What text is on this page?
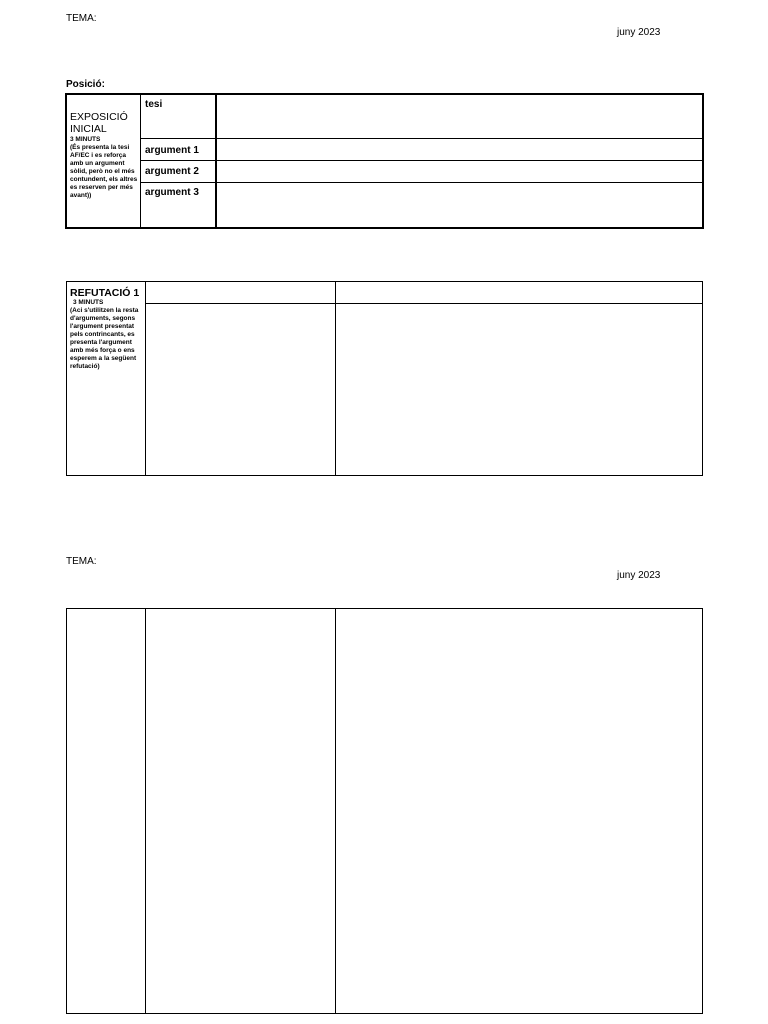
TEMA:
juny 2023
Posició:
EXPOSICIÓ
INICIAL
3 MINUTS
(És presenta la tesi AF/EC i es reforça amb un argument sòlid, però no el més contundent, els altres es reserven per més avant))
tesi
argument 1
argument 2
argument 3
REFUTACIÓ 1
3 MINUTS
(Aci s'utilitzen la resta d'arguments, segons l'argument presentat pels contrincants, es presenta l'argument amb més força o ens esperem a la següent refutació)
TEMA:
juny 2023
